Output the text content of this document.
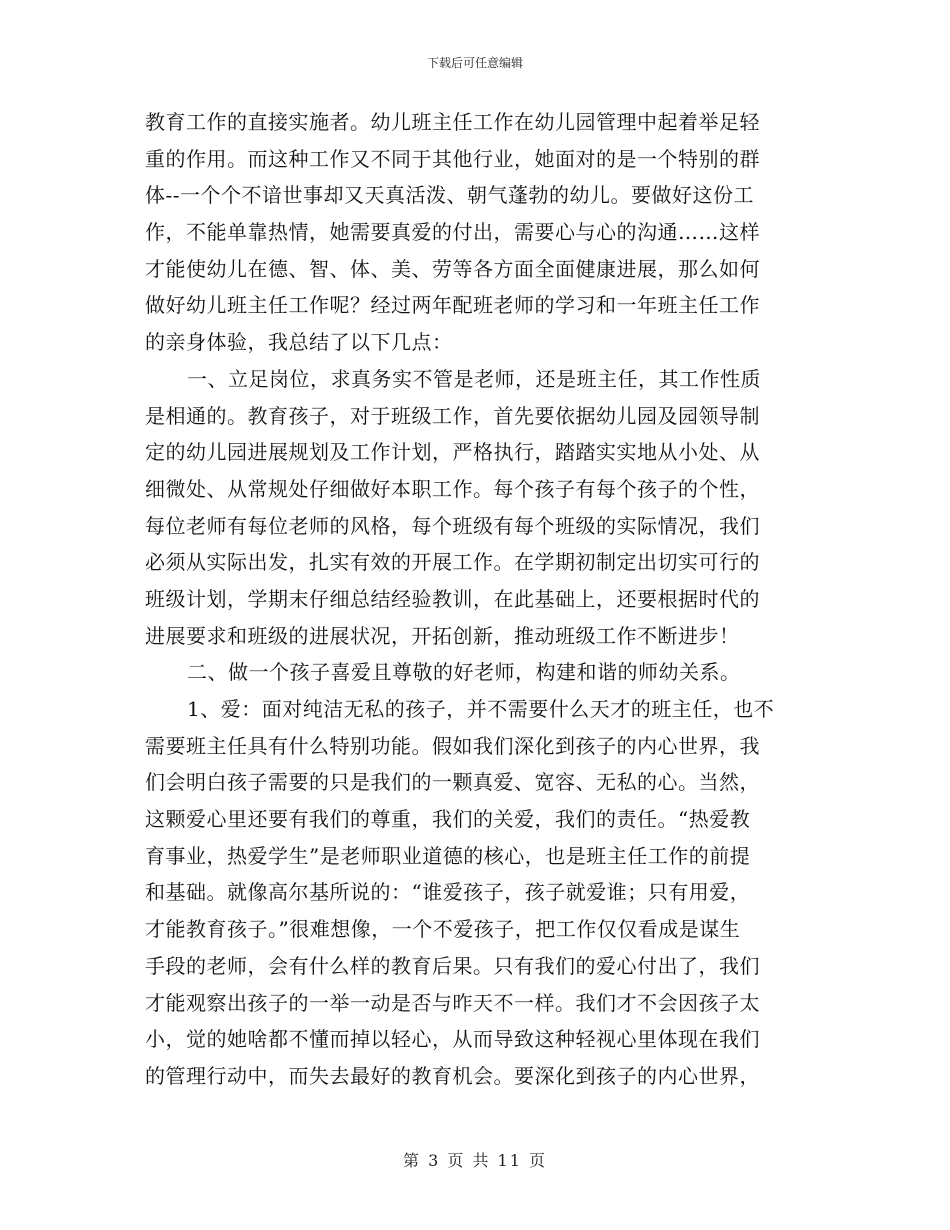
下载后可任意编辑
教育工作的直接实施者。幼儿班主任工作在幼儿园管理中起着举足轻
重的作用。而这种工作又不同于其他行业，她面对的是一个特别的群
体--一个个不谙世事却又天真活泼、朝气蓬勃的幼儿。要做好这份工
作，不能单靠热情，她需要真爱的付出，需要心与心的沟通……这样
才能使幼儿在德、智、体、美、劳等各方面全面健康进展，那么如何
做好幼儿班主任工作呢？经过两年配班老师的学习和一年班主任工作
的亲身体验，我总结了以下几点：
一、立足岗位，求真务实不管是老师，还是班主任，其工作性质
是相通的。教育孩子，对于班级工作，首先要依据幼儿园及园领导制
定的幼儿园进展规划及工作计划，严格执行，踏踏实实地从小处、从
细微处、从常规处仔细做好本职工作。每个孩子有每个孩子的个性，
每位老师有每位老师的风格，每个班级有每个班级的实际情况，我们
必须从实际出发，扎实有效的开展工作。在学期初制定出切实可行的
班级计划，学期末仔细总结经验教训，在此基础上，还要根据时代的
进展要求和班级的进展状况，开拓创新，推动班级工作不断进步！
二、做一个孩子喜爱且尊敬的好老师，构建和谐的师幼关系。
1、爱：面对纯洁无私的孩子，并不需要什么天才的班主任，也不
需要班主任具有什么特别功能。假如我们深化到孩子的内心世界，我
们会明白孩子需要的只是我们的一颗真爱、宽容、无私的心。当然，
这颗爱心里还要有我们的尊重，我们的关爱，我们的责任。“热爱教
育事业，热爱学生”是老师职业道德的核心，也是班主任工作的前提
和基础。就像高尔基所说的：“谁爱孩子，孩子就爱谁；只有用爱，
才能教育孩子。”很难想像，一个不爱孩子，把工作仅仅看成是谋生
手段的老师，会有什么样的教育后果。只有我们的爱心付出了，我们
才能观察出孩子的一举一动是否与昨天不一样。我们才不会因孩子太
小，觉的她啥都不懂而掉以轻心，从而导致这种轻视心里体现在我们
的管理行动中，而失去最好的教育机会。要深化到孩子的内心世界，
第 3 页 共 11 页
